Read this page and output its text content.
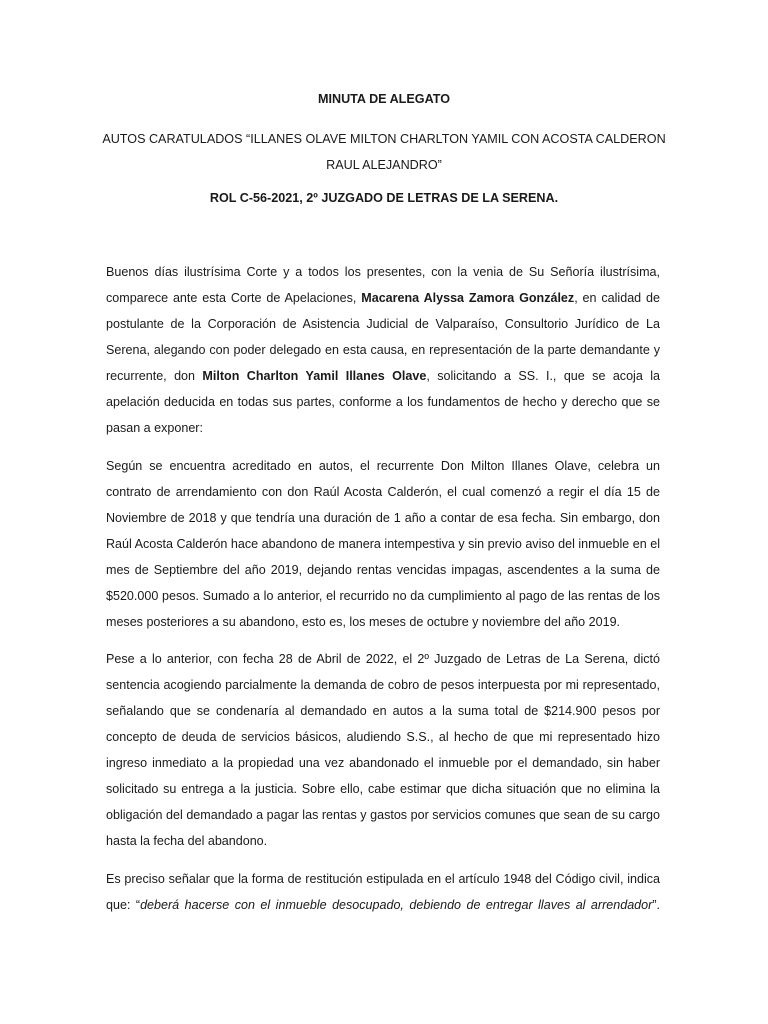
MINUTA DE ALEGATO

AUTOS CARATULADOS “ILLANES OLAVE MILTON CHARLTON YAMIL CON ACOSTA CALDERON RAUL ALEJANDRO”

ROL C-56-2021, 2º JUZGADO DE LETRAS DE LA SERENA.

Buenos días ilustrísima Corte y a todos los presentes, con la venia de Su Señoría ilustrísima, comparece ante esta Corte de Apelaciones, Macarena Alyssa Zamora González, en calidad de postulante de la Corporación de Asistencia Judicial de Valparaíso, Consultorio Jurídico de La Serena, alegando con poder delegado en esta causa, en representación de la parte demandante y recurrente, don Milton Charlton Yamil Illanes Olave, solicitando a SS. I., que se acoja la apelación deducida en todas sus partes, conforme a los fundamentos de hecho y derecho que se pasan a exponer:

Según se encuentra acreditado en autos, el recurrente Don Milton Illanes Olave, celebra un contrato de arrendamiento con don Raúl Acosta Calderón, el cual comenzó a regir el día 15 de Noviembre de 2018 y que tendría una duración de 1 año a contar de esa fecha. Sin embargo, don Raúl Acosta Calderón hace abandono de manera intempestiva y sin previo aviso del inmueble en el mes de Septiembre del año 2019, dejando rentas vencidas impagas, ascendentes a la suma de $520.000 pesos. Sumado a lo anterior, el recurrido no da cumplimiento al pago de las rentas de los meses posteriores a su abandono, esto es, los meses de octubre y noviembre del año 2019.

Pese a lo anterior, con fecha 28 de Abril de 2022, el 2º Juzgado de Letras de La Serena, dictó sentencia acogiendo parcialmente la demanda de cobro de pesos interpuesta por mi representado, señalando que se condenaría al demandado en autos a la suma total de $214.900 pesos por concepto de deuda de servicios básicos, aludiendo S.S., al hecho de que mi representado hizo ingreso inmediato a la propiedad una vez abandonado el inmueble por el demandado, sin haber solicitado su entrega a la justicia. Sobre ello, cabe estimar que dicha situación que no elimina la obligación del demandado a pagar las rentas y gastos por servicios comunes que sean de su cargo hasta la fecha del abandono.

Es preciso señalar que la forma de restitución estipulada en el artículo 1948 del Código civil, indica que: “deberá hacerse con el inmueble desocupado, debiendo de entregar llaves al arrendador”.
